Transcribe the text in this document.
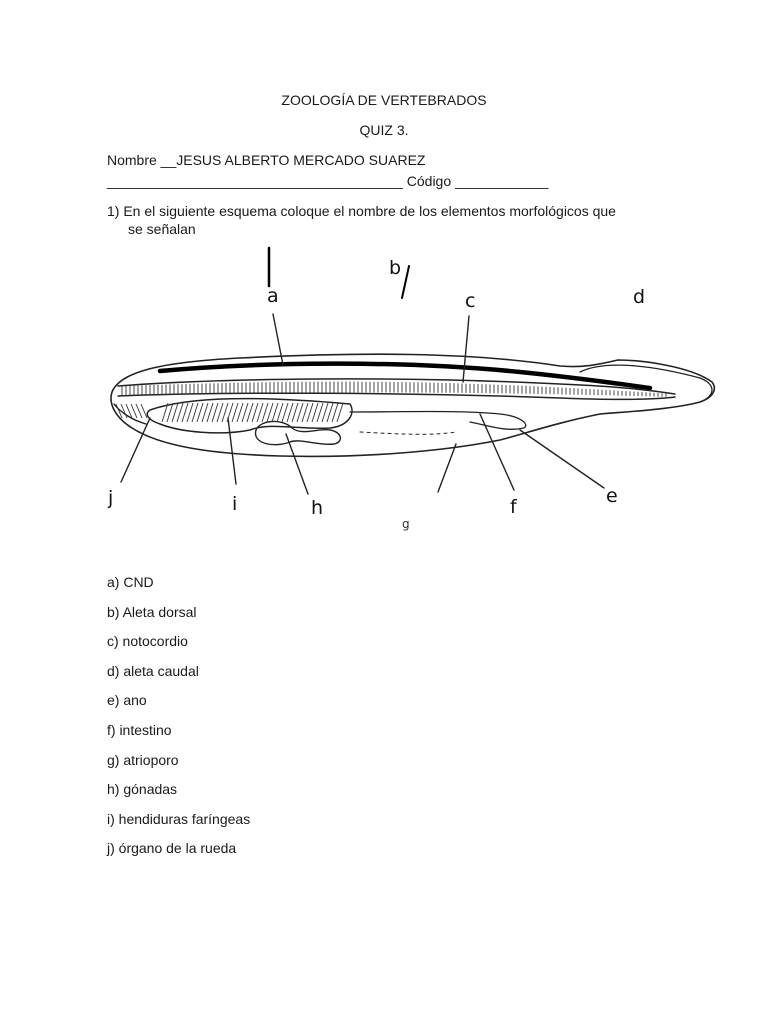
ZOOLOGÍA DE VERTEBRADOS
QUIZ 3.
Nombre __JESUS ALBERTO MERCADO SUAREZ
______________________________________ Código ____________
1) En el siguiente esquema coloque el nombre de los elementos morfológicos que
se señalan
a
b
c	d
e
f
g
h
i
j
a) CND
b) Aleta dorsal
c) notocordio
d) aleta caudal
e) ano
f) intestino
g) atrioporo
h) gónadas
i) hendiduras faríngeas
j) órgano de la rueda
